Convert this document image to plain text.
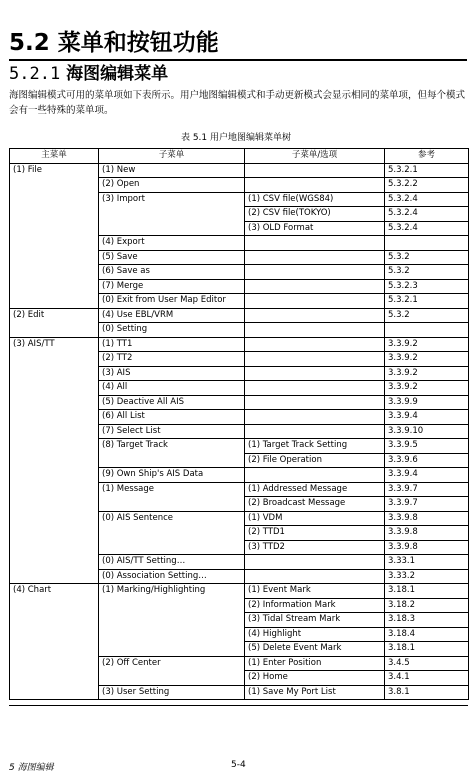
5.2 菜单和按钮功能
5.2.1 海图编辑菜单

海图编辑模式可用的菜单项如下表所示。用户地图编辑模式和手动更新模式会显示相同的菜单项，但每个模式会有一些特殊的菜单项。

表 5.1 用户地图编辑菜单树
主菜单	子菜单	子菜单/选项	参考
(1) File	(1) New		5.3.2.1
	(2) Open		5.3.2.2
	(3) Import	(1) CSV file(WGS84)	5.3.2.4
		(2) CSV file(TOKYO)	5.3.2.4
		(3) OLD Format	5.3.2.4
	(4) Export		
	(5) Save		5.3.2
	(6) Save as		5.3.2
	(7) Merge		5.3.2.3
	(0) Exit from User Map Editor		5.3.2.1
(2) Edit	(4) Use EBL/VRM		5.3.2
	(0) Setting		
(3) AIS/TT	(1) TT1		3.3.9.2
	(2) TT2		3.3.9.2
	(3) AIS		3.3.9.2
	(4) All		3.3.9.2
	(5) Deactive All AIS		3.3.9.9
	(6) All List		3.3.9.4
	(7) Select List		3.3.9.10
	(8) Target Track	(1) Target Track Setting	3.3.9.5
		(2) File Operation	3.3.9.6
	(9) Own Ship's AIS Data		3.3.9.4
	(1) Message	(1) Addressed Message	3.3.9.7
		(2) Broadcast Message	3.3.9.7
	(0) AIS Sentence	(1) VDM	3.3.9.8
		(2) TTD1	3.3.9.8
		(3) TTD2	3.3.9.8
	(0) AIS/TT Setting…		3.33.1
	(0) Association Setting…		3.33.2
(4) Chart	(1) Marking/Highlighting	(1) Event Mark	3.18.1
		(2) Information Mark	3.18.2
		(3) Tidal Stream Mark	3.18.3
		(4) Highlight	3.18.4
		(5) Delete Event Mark	3.18.1
	(2) Off Center	(1) Enter Position	3.4.5
		(2) Home	3.4.1
	(3) User Setting	(1) Save My Port List	3.8.1
5 海图编辑	5-4
